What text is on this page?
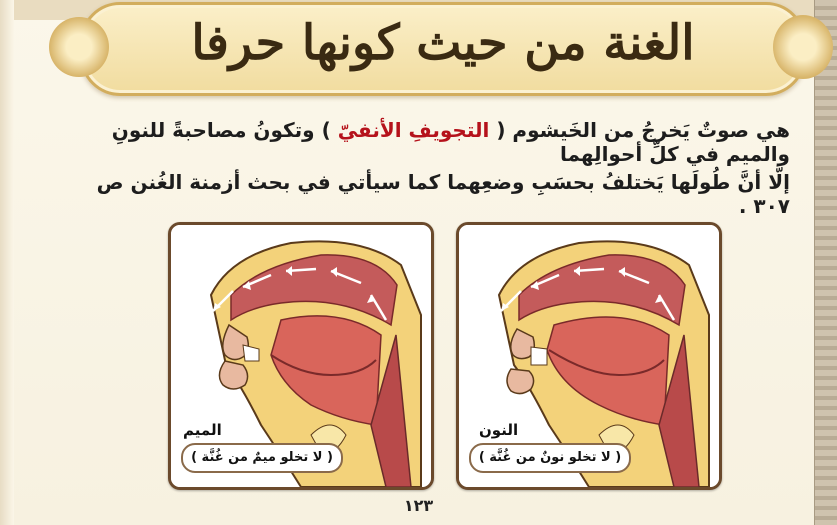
الغنة من حيث كونها حرفا
هي صوتٌ يَخرجُ من الخَيشوم ( التجويفِ الأنفيّ ) وتكونُ مصاحبةً للنونِ والميم في كلِّ أحوالِهما
إلَّا أنَّ طُولَها يَختلفُ بحسَبِ وضعِهما كما سيأتي في بحث أزمنة الغُنن ص ٣٠٧ .
الميم
( لا تخلو ميمٌ من غُنَّة )
النون
( لا تخلو نونٌ من غُنَّة )
١٢٣
